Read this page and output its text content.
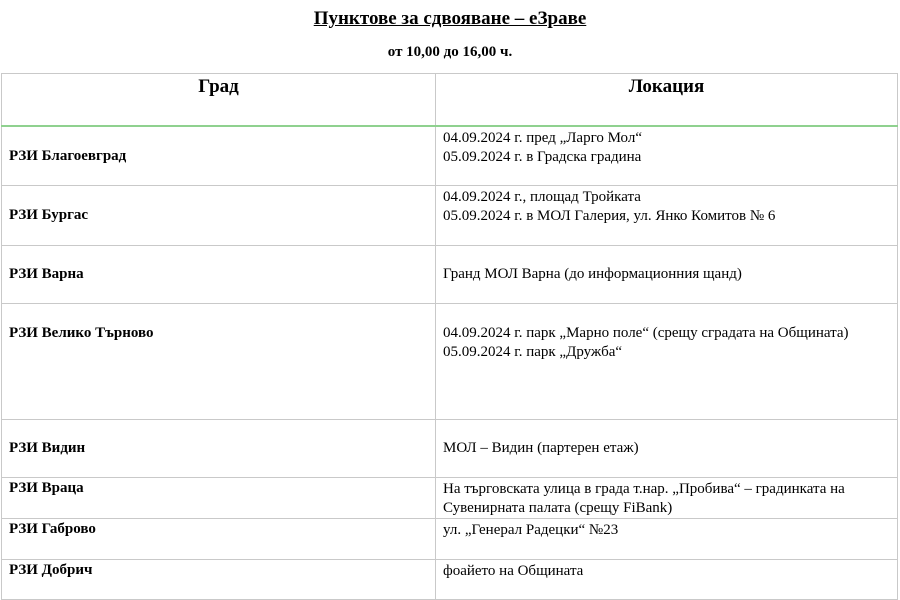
Пунктове за сдвояване – еЗраве
от 10,00 до 16,00 ч.
Град	Локация
РЗИ Благоевград	04.09.2024 г. пред „Ларго Мол“
05.09.2024 г. в Градска градина

РЗИ Бургас	04.09.2024 г., площад Тройката
05.09.2024 г. в МОЛ Галерия, ул. Янко Комитов № 6

РЗИ Варна	Гранд МОЛ Варна (до информационния щанд)

РЗИ Велико Търново	04.09.2024 г. парк „Марно поле“ (срещу сградата на Общината)
05.09.2024 г. парк „Дружба“

РЗИ Видин	МОЛ – Видин (партерен етаж)

РЗИ Враца	На търговската улица в града т.нар. „Пробива“ – градинката на Сувенирната палата (срещу FiBank)

РЗИ Габрово	ул. „Генерал Радецки“ №23

РЗИ Добрич	фоайето на Общината
